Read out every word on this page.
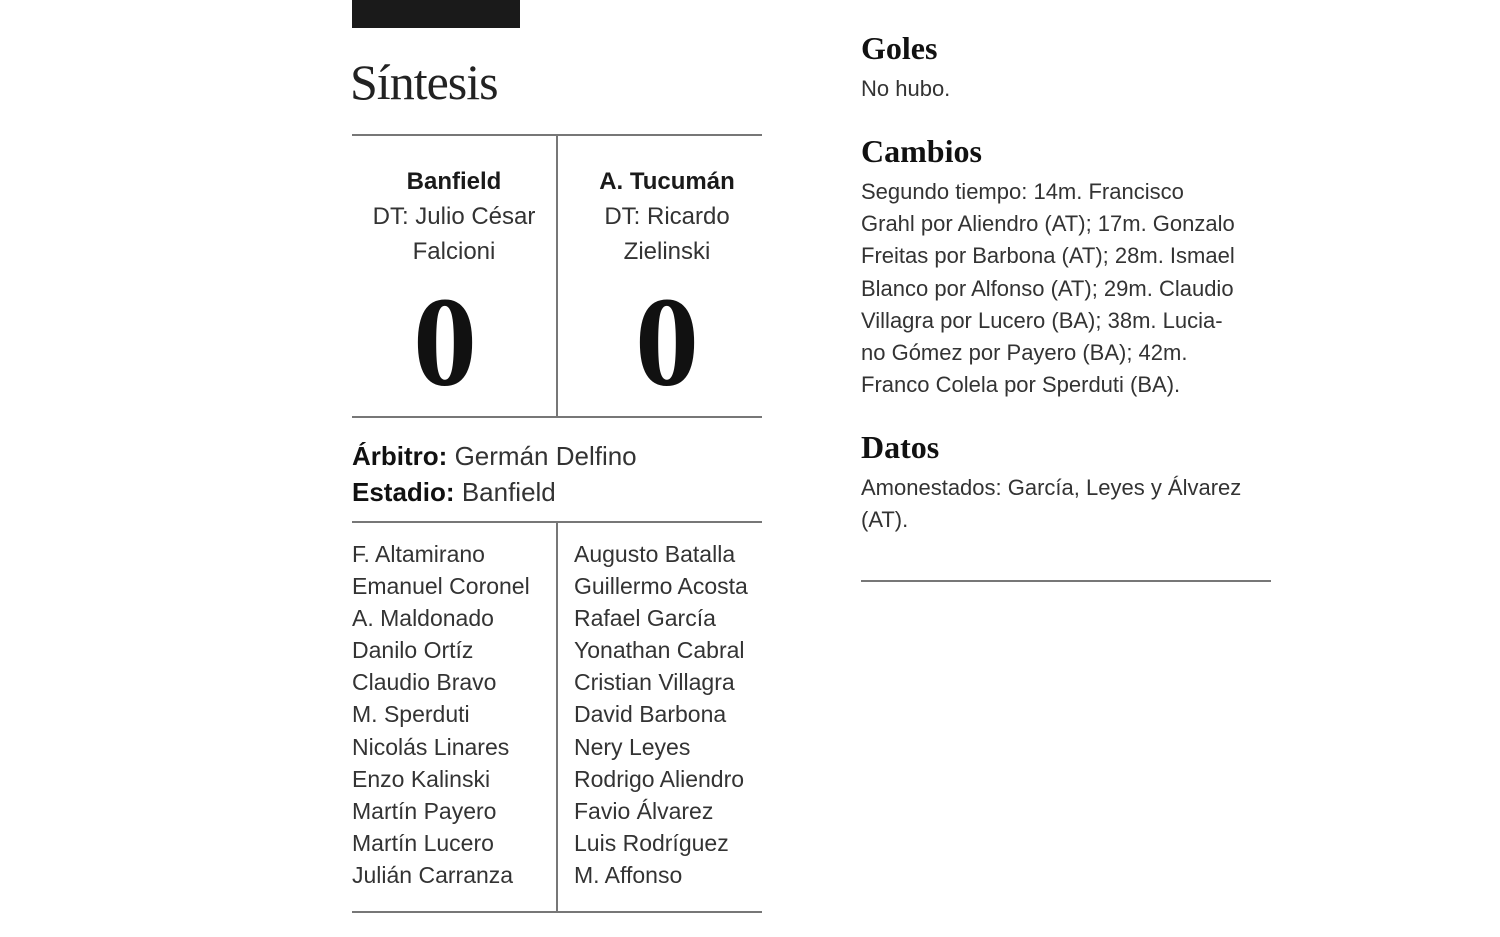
Síntesis
Banfield
DT: Julio César
Falcioni
A. Tucumán
DT: Ricardo
Zielinski
0	0
Árbitro: Germán Delfino
Estadio: Banfield
F. Altamirano
Emanuel Coronel
A. Maldonado
Danilo Ortíz
Claudio Bravo
M. Sperduti
Nicolás Linares
Enzo Kalinski
Martín Payero
Martín Lucero
Julián Carranza
Augusto Batalla
Guillermo Acosta
Rafael García
Yonathan Cabral
Cristian Villagra
David Barbona
Nery Leyes
Rodrigo Aliendro
Favio Álvarez
Luis Rodríguez
M. Affonso
Goles
No hubo.
Cambios
Segundo tiempo: 14m. Francisco
Grahl por Aliendro (AT); 17m. Gonzalo
Freitas por Barbona (AT); 28m. Ismael
Blanco por Alfonso (AT); 29m. Claudio
Villagra por Lucero (BA); 38m. Lucia-
no Gómez por Payero (BA); 42m.
Franco Colela por Sperduti (BA).
Datos
Amonestados: García, Leyes y Álvarez
(AT).
